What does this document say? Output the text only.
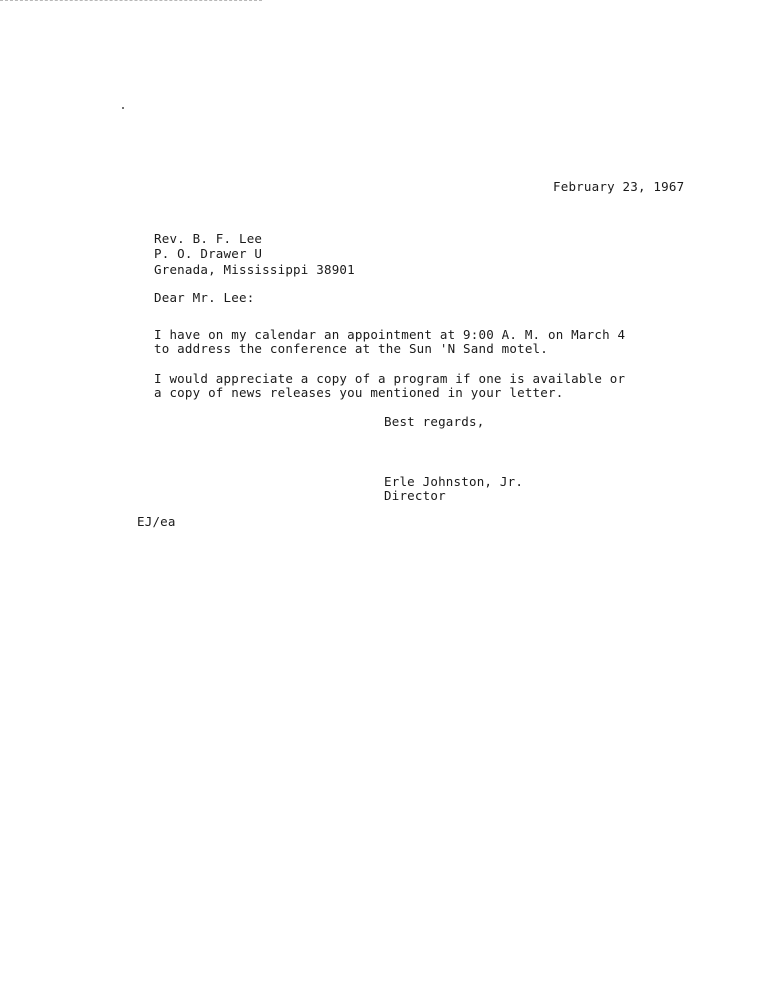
February 23, 1967
Rev. B. F. Lee
P. O. Drawer U
Grenada, Mississippi 38901
Dear Mr. Lee:
I have on my calendar an appointment at 9:00 A. M. on March 4
to address the conference at the Sun 'N Sand motel.
I would appreciate a copy of a program if one is available or
a copy of news releases you mentioned in your letter.
Best regards,
Erle Johnston, Jr.
Director
EJ/ea
